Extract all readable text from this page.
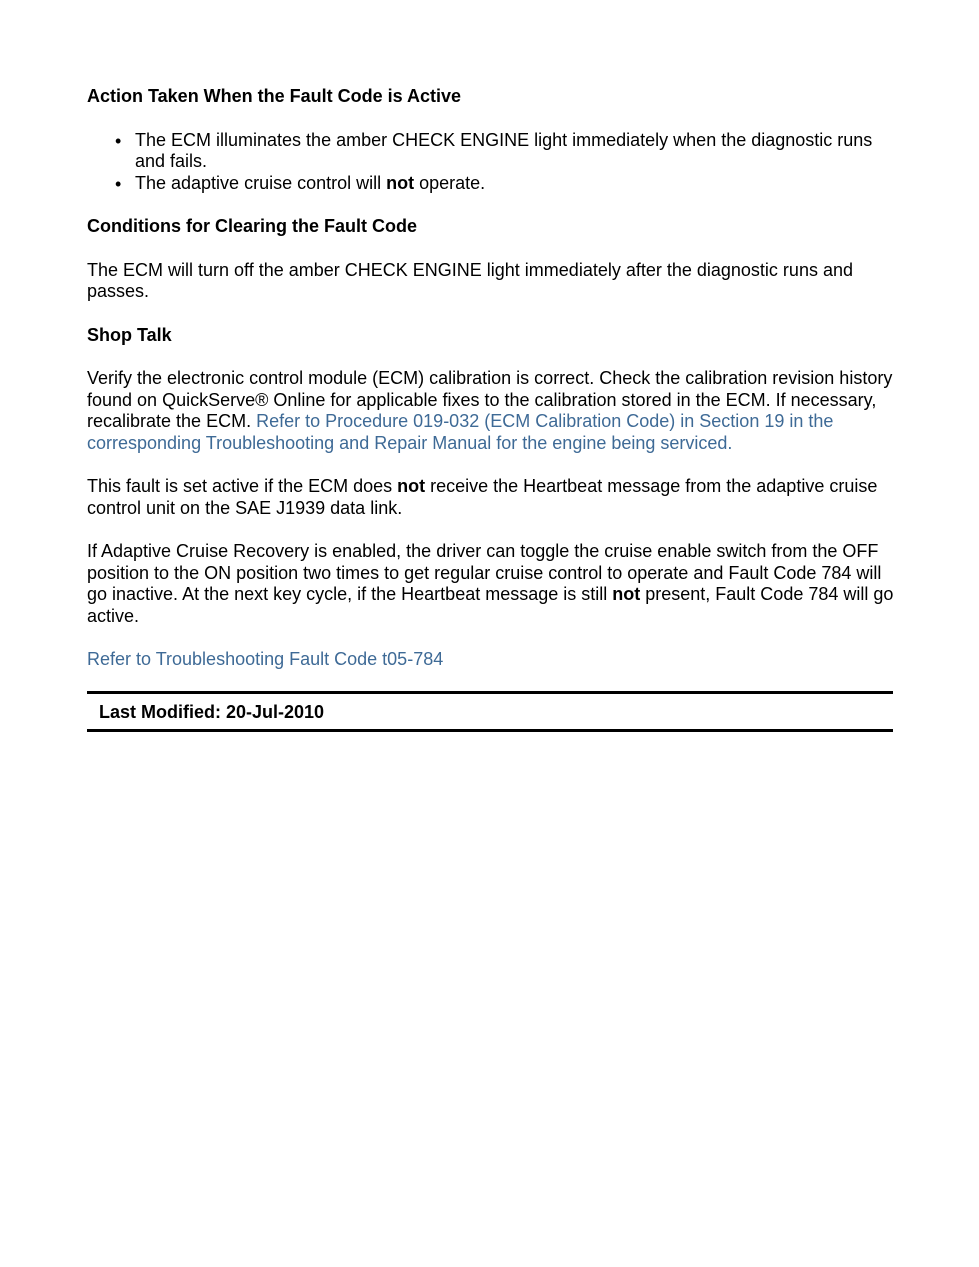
Action Taken When the Fault Code is Active
• The ECM illuminates the amber CHECK ENGINE light immediately when the diagnostic runs and fails.
• The adaptive cruise control will not operate.
Conditions for Clearing the Fault Code

The ECM will turn off the amber CHECK ENGINE light immediately after the diagnostic runs and passes.

Shop Talk

Verify the electronic control module (ECM) calibration is correct. Check the calibration revision history found on QuickServe® Online for applicable fixes to the calibration stored in the ECM. If necessary, recalibrate the ECM. Refer to Procedure 019-032 (ECM Calibration Code) in Section 19 in the corresponding Troubleshooting and Repair Manual for the engine being serviced.

This fault is set active if the ECM does not receive the Heartbeat message from the adaptive cruise control unit on the SAE J1939 data link.

If Adaptive Cruise Recovery is enabled, the driver can toggle the cruise enable switch from the OFF position to the ON position two times to get regular cruise control to operate and Fault Code 784 will go inactive. At the next key cycle, if the Heartbeat message is still not present, Fault Code 784 will go active.

Refer to Troubleshooting Fault Code t05-784

Last Modified: 20-Jul-2010
